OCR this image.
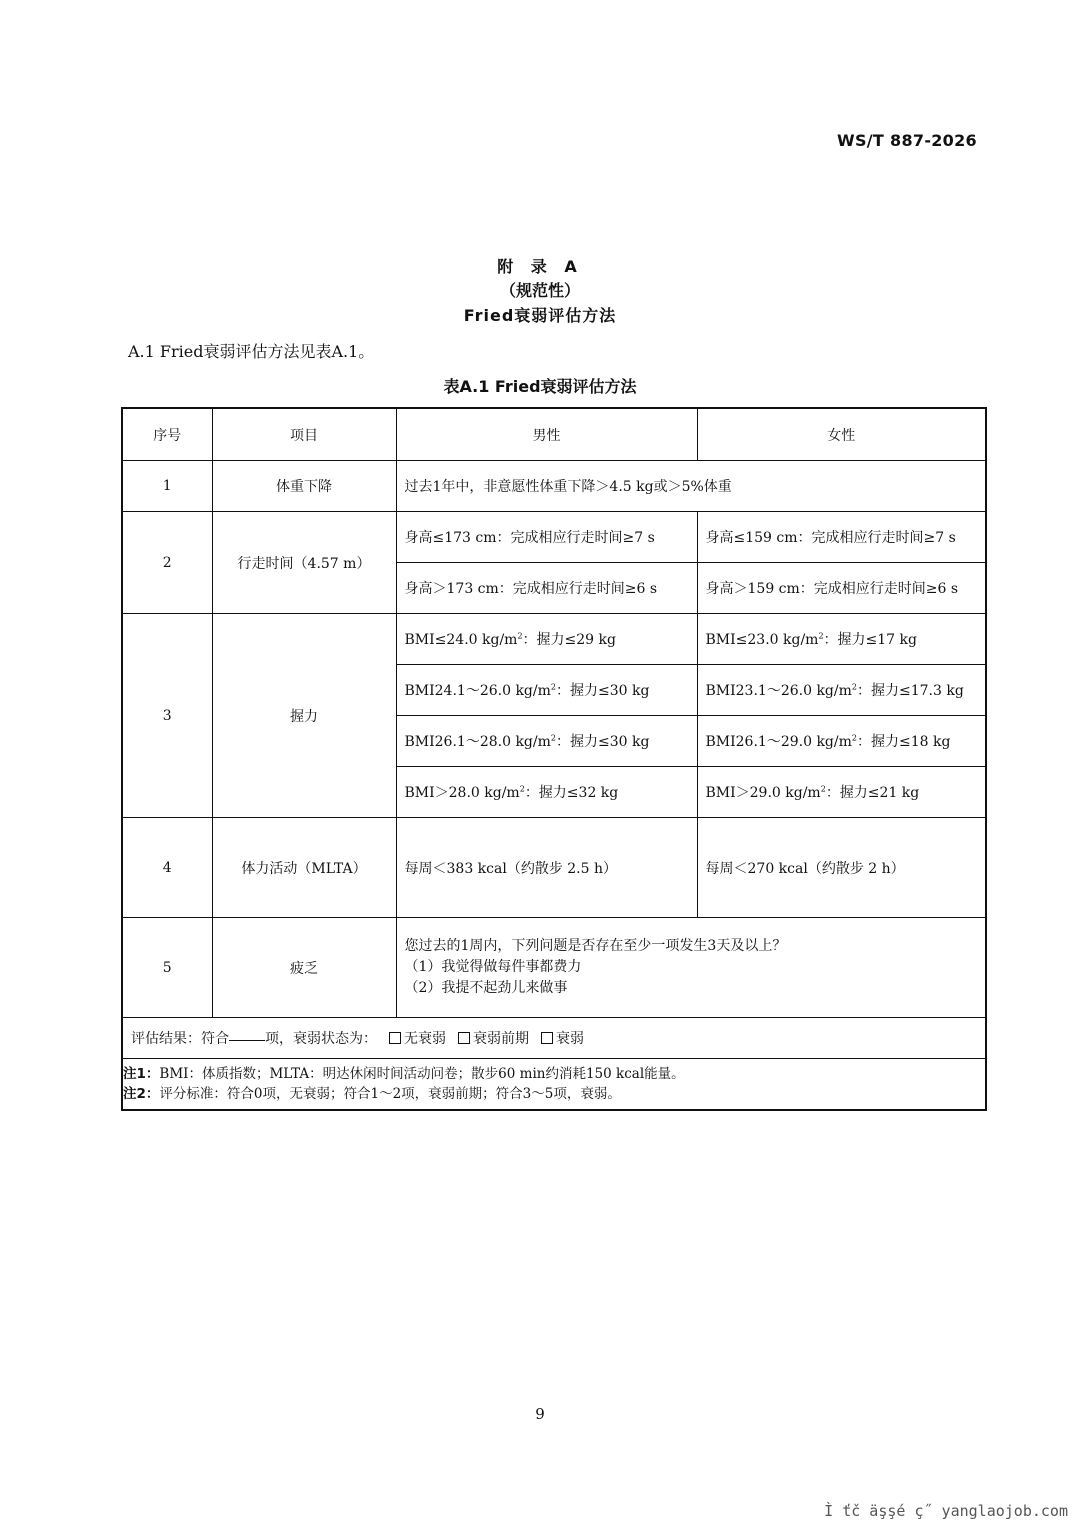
WS/T 887-2026
附 录 A
（规范性）
Fried衰弱评估方法
A.1 Fried衰弱评估方法见表A.1。
表A.1 Fried衰弱评估方法
序号	项目	男性	女性
1	体重下降	过去1年中，非意愿性体重下降＞4.5 kg或＞5%体重	
2	行走时间（4.57 m）	身高≤173 cm：完成相应行走时间≥7 s	身高≤159 cm：完成相应行走时间≥7 s
		身高＞173 cm：完成相应行走时间≥6 s	身高＞159 cm：完成相应行走时间≥6 s
3	握力	BMI≤24.0 $kg/m^2$：握力≤29 kg	BMI≤23.0 $kg/m^2$：握力≤17 kg
		BMI24.1～26.0 $kg/m^2$：握力≤30 kg	BMI23.1～26.0 $kg/m^2$：握力≤17.3 kg
		BMI26.1～28.0 $kg/m^2$：握力≤30 kg	BMI26.1～29.0 $kg/m^2$：握力≤18 kg
		BMI＞28.0 $kg/m^2$：握力≤32 kg	BMI＞29.0 $kg/m^2$：握力≤21 kg
4	体力活动（MLTA）	每周＜383 kcal（约散步 2.5 h）	每周＜270 kcal（约散步 2 h）
5	疲乏	您过去的1周内，下列问题是否存在至少一项发生3天及以上？
（1）我觉得做每件事都费力
（2）我提不起劲儿来做事	

评估结果：符合 项，衰弱状态为： 无衰弱 衰弱前期 衰弱			

注1：BMI：体质指数；MLTA：明达休闲时间活动问卷；散步60 min约消耗150 kcal能量。
注2：评分标准：符合0项，无衰弱；符合1～2项，衰弱前期；符合3～5项，衰弱。			
9
Ì ťč äşşé ç˝ yanglaojob.com
